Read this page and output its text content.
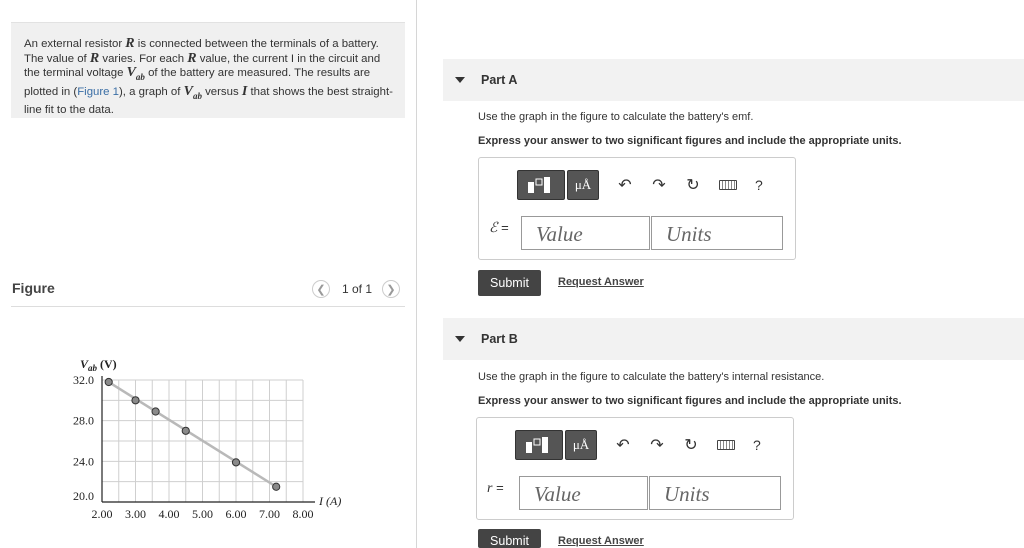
An external resistor R is connected between the terminals of a battery. The value of R varies. For each R value, the current I in the circuit and the terminal voltage $V_{ab}$ of the battery are measured. The results are plotted in (Figure 1), a graph of $V_{ab}$ versus I that shows the best straight-line fit to the data.
Figure	❮	1 of 1	❯
20.0
24.0
28.0
32.0
2.00 3.00 4.00 5.00 6.00 7.00 8.00
$V_{ab}$ (V)
I (A)
Part A
Use the graph in the figure to calculate the battery's emf.
Express your answer to two significant figures and include the appropriate units.
μÅ	↶ ↷ ↻	?
ℰ =	Value	Units
Submit	Request Answer
Part B
Use the graph in the figure to calculate the battery's internal resistance.
Express your answer to two significant figures and include the appropriate units.
μÅ	↶ ↷ ↻	?
r =	Value	Units
Submit	Request Answer
